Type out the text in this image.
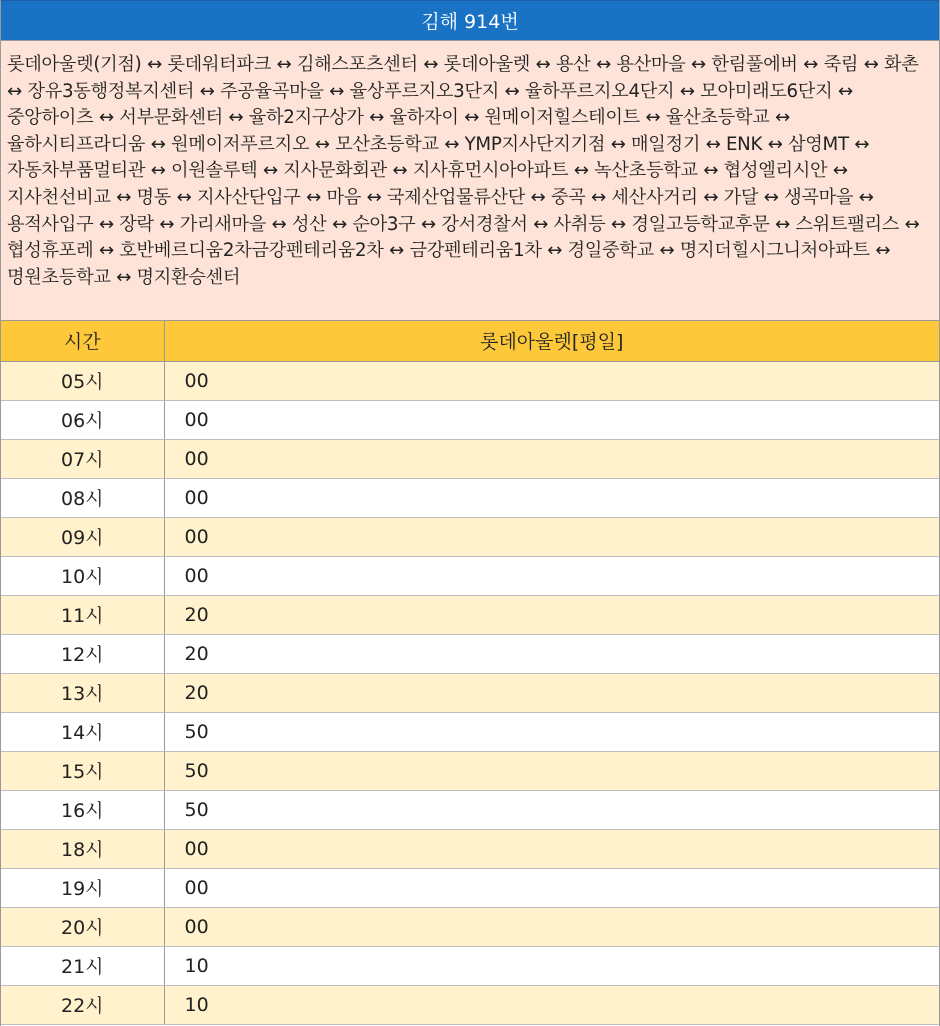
김해 914번
롯데아울렛(기점) ↔ 롯데워터파크 ↔ 김해스포츠센터 ↔ 롯데아울렛 ↔ 용산 ↔ 용산마을 ↔ 한림풀에버 ↔ 죽림 ↔ 화촌 ↔ 장유3동행정복지센터 ↔ 주공율곡마을 ↔ 율상푸르지오3단지 ↔ 율하푸르지오4단지 ↔ 모아미래도6단지 ↔ 중앙하이츠 ↔ 서부문화센터 ↔ 율하2지구상가 ↔ 율하자이 ↔ 원메이저힐스테이트 ↔ 율산초등학교 ↔ 율하시티프라디움 ↔ 원메이저푸르지오 ↔ 모산초등학교 ↔ YMP지사단지기점 ↔ 매일정기 ↔ ENK ↔ 삼영MT ↔ 자동차부품멀티관 ↔ 이원솔루텍 ↔ 지사문화회관 ↔ 지사휴먼시아아파트 ↔ 녹산초등학교 ↔ 협성엘리시안 ↔ 지사천선비교 ↔ 명동 ↔ 지사산단입구 ↔ 마음 ↔ 국제산업물류산단 ↔ 중곡 ↔ 세산사거리 ↔ 가달 ↔ 생곡마을 ↔ 용적사입구 ↔ 장락 ↔ 가리새마을 ↔ 성산 ↔ 순아3구 ↔ 강서경찰서 ↔ 사취등 ↔ 경일고등학교후문 ↔ 스위트팰리스 ↔ 협성휴포레 ↔ 호반베르디움2차금강펜테리움2차 ↔ 금강펜테리움1차 ↔ 경일중학교 ↔ 명지더힐시그니처아파트 ↔ 명원초등학교 ↔ 명지환승센터
시간	롯데아울렛[평일]
05시	00
06시	00
07시	00
08시	00
09시	00
10시	00
11시	20
12시	20
13시	20
14시	50
15시	50
16시	50
18시	00
19시	00
20시	00
21시	10
22시	10
